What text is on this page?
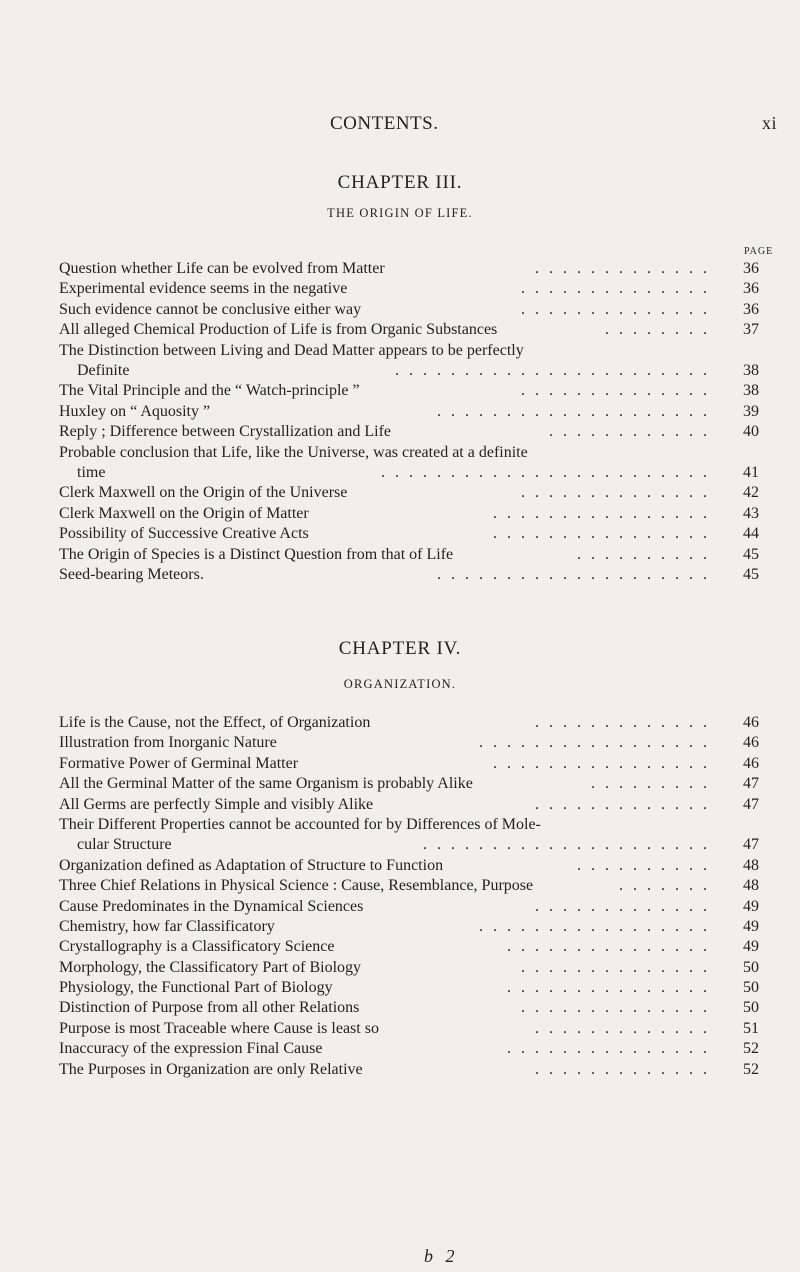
CONTENTS.	xi
CHAPTER III.
THE ORIGIN OF LIFE.
PAGE
Question whether Life can be evolved from Matter	36
.............
Experimental evidence seems in the negative	36
..............
Such evidence cannot be conclusive either way	36
..............
All alleged Chemical Production of Life is from Organic Substances	37
........
The Distinction between Living and Dead Matter appears to be perfectly
Definite	38
.......................
The Vital Principle and the “ Watch-principle ”	38
..............
Huxley on “ Aquosity ”	39
....................
Reply ; Difference between Crystallization and Life	40
............
Probable conclusion that Life, like the Universe, was created at a definite
time	41
........................
Clerk Maxwell on the Origin of the Universe	42
..............
Clerk Maxwell on the Origin of Matter	43
................
Possibility of Successive Creative Acts	44
................
The Origin of Species is a Distinct Question from that of Life	45
..........
Seed-bearing Meteors.	45
....................
CHAPTER IV.
ORGANIZATION.
Life is the Cause, not the Effect, of Organization	46
.............
Illustration from Inorganic Nature	46
.................
Formative Power of Germinal Matter	46
................
All the Germinal Matter of the same Organism is probably Alike	47
.........
All Germs are perfectly Simple and visibly Alike	47
.............
Their Different Properties cannot be accounted for by Differences of Mole-
cular Structure	47
.....................
Organization defined as Adaptation of Structure to Function	48
..........
Three Chief Relations in Physical Science : Cause, Resemblance, Purpose	48
.......
Cause Predominates in the Dynamical Sciences	49
.............
Chemistry, how far Classificatory	49
.................
Crystallography is a Classificatory Science	49
...............
Morphology, the Classificatory Part of Biology	50
..............
Physiology, the Functional Part of Biology	50
...............
Distinction of Purpose from all other Relations	50
..............
Purpose is most Traceable where Cause is least so	51
.............
Inaccuracy of the expression Final Cause	52
...............
The Purposes in Organization are only Relative	52
.............
b 2
